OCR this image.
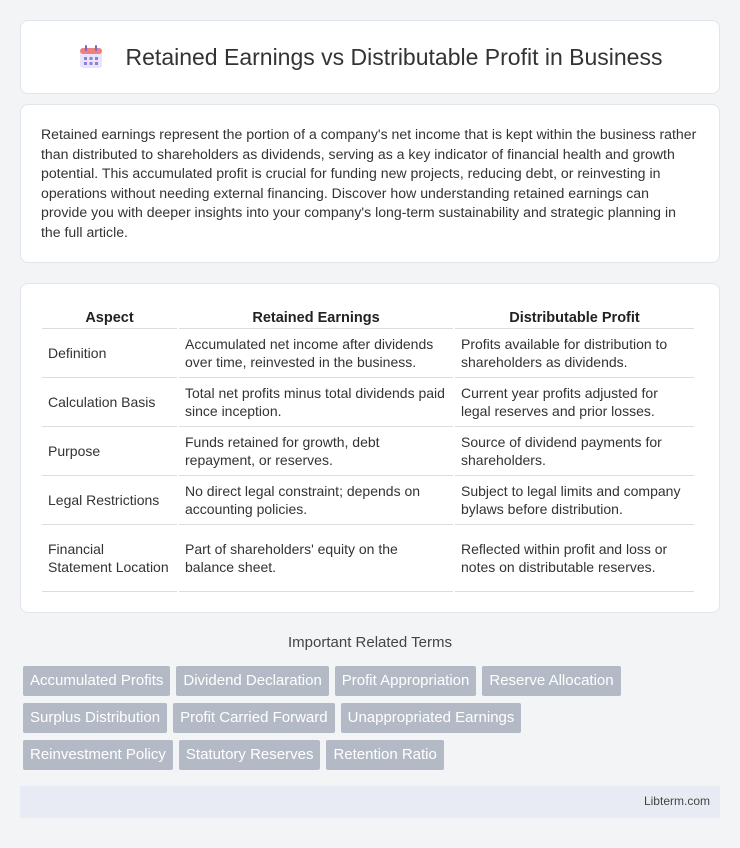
Retained Earnings vs Distributable Profit in Business

Retained earnings represent the portion of a company's net income that is kept within the business rather than distributed to shareholders as dividends, serving as a key indicator of financial health and growth potential. This accumulated profit is crucial for funding new projects, reducing debt, or reinvesting in operations without needing external financing. Discover how understanding retained earnings can provide you with deeper insights into your company's long-term sustainability and strategic planning in the full article.

Aspect	Retained Earnings	Distributable Profit
Definition	Accumulated net income after dividends over time, reinvested in the business.	Profits available for distribution to shareholders as dividends.
Calculation Basis	Total net profits minus total dividends paid since inception.	Current year profits adjusted for legal reserves and prior losses.
Purpose	Funds retained for growth, debt repayment, or reserves.	Source of dividend payments for shareholders.
Legal Restrictions	No direct legal constraint; depends on accounting policies.	Subject to legal limits and company bylaws before distribution.
Financial Statement Location	Part of shareholders' equity on the balance sheet.	Reflected within profit and loss or notes on distributable reserves.
Important Related Terms
Accumulated Profits	Dividend Declaration	Profit Appropriation	Reserve Allocation
Surplus Distribution	Profit Carried Forward	Unappropriated Earnings
Reinvestment Policy	Statutory Reserves	Retention Ratio
Libterm.com
